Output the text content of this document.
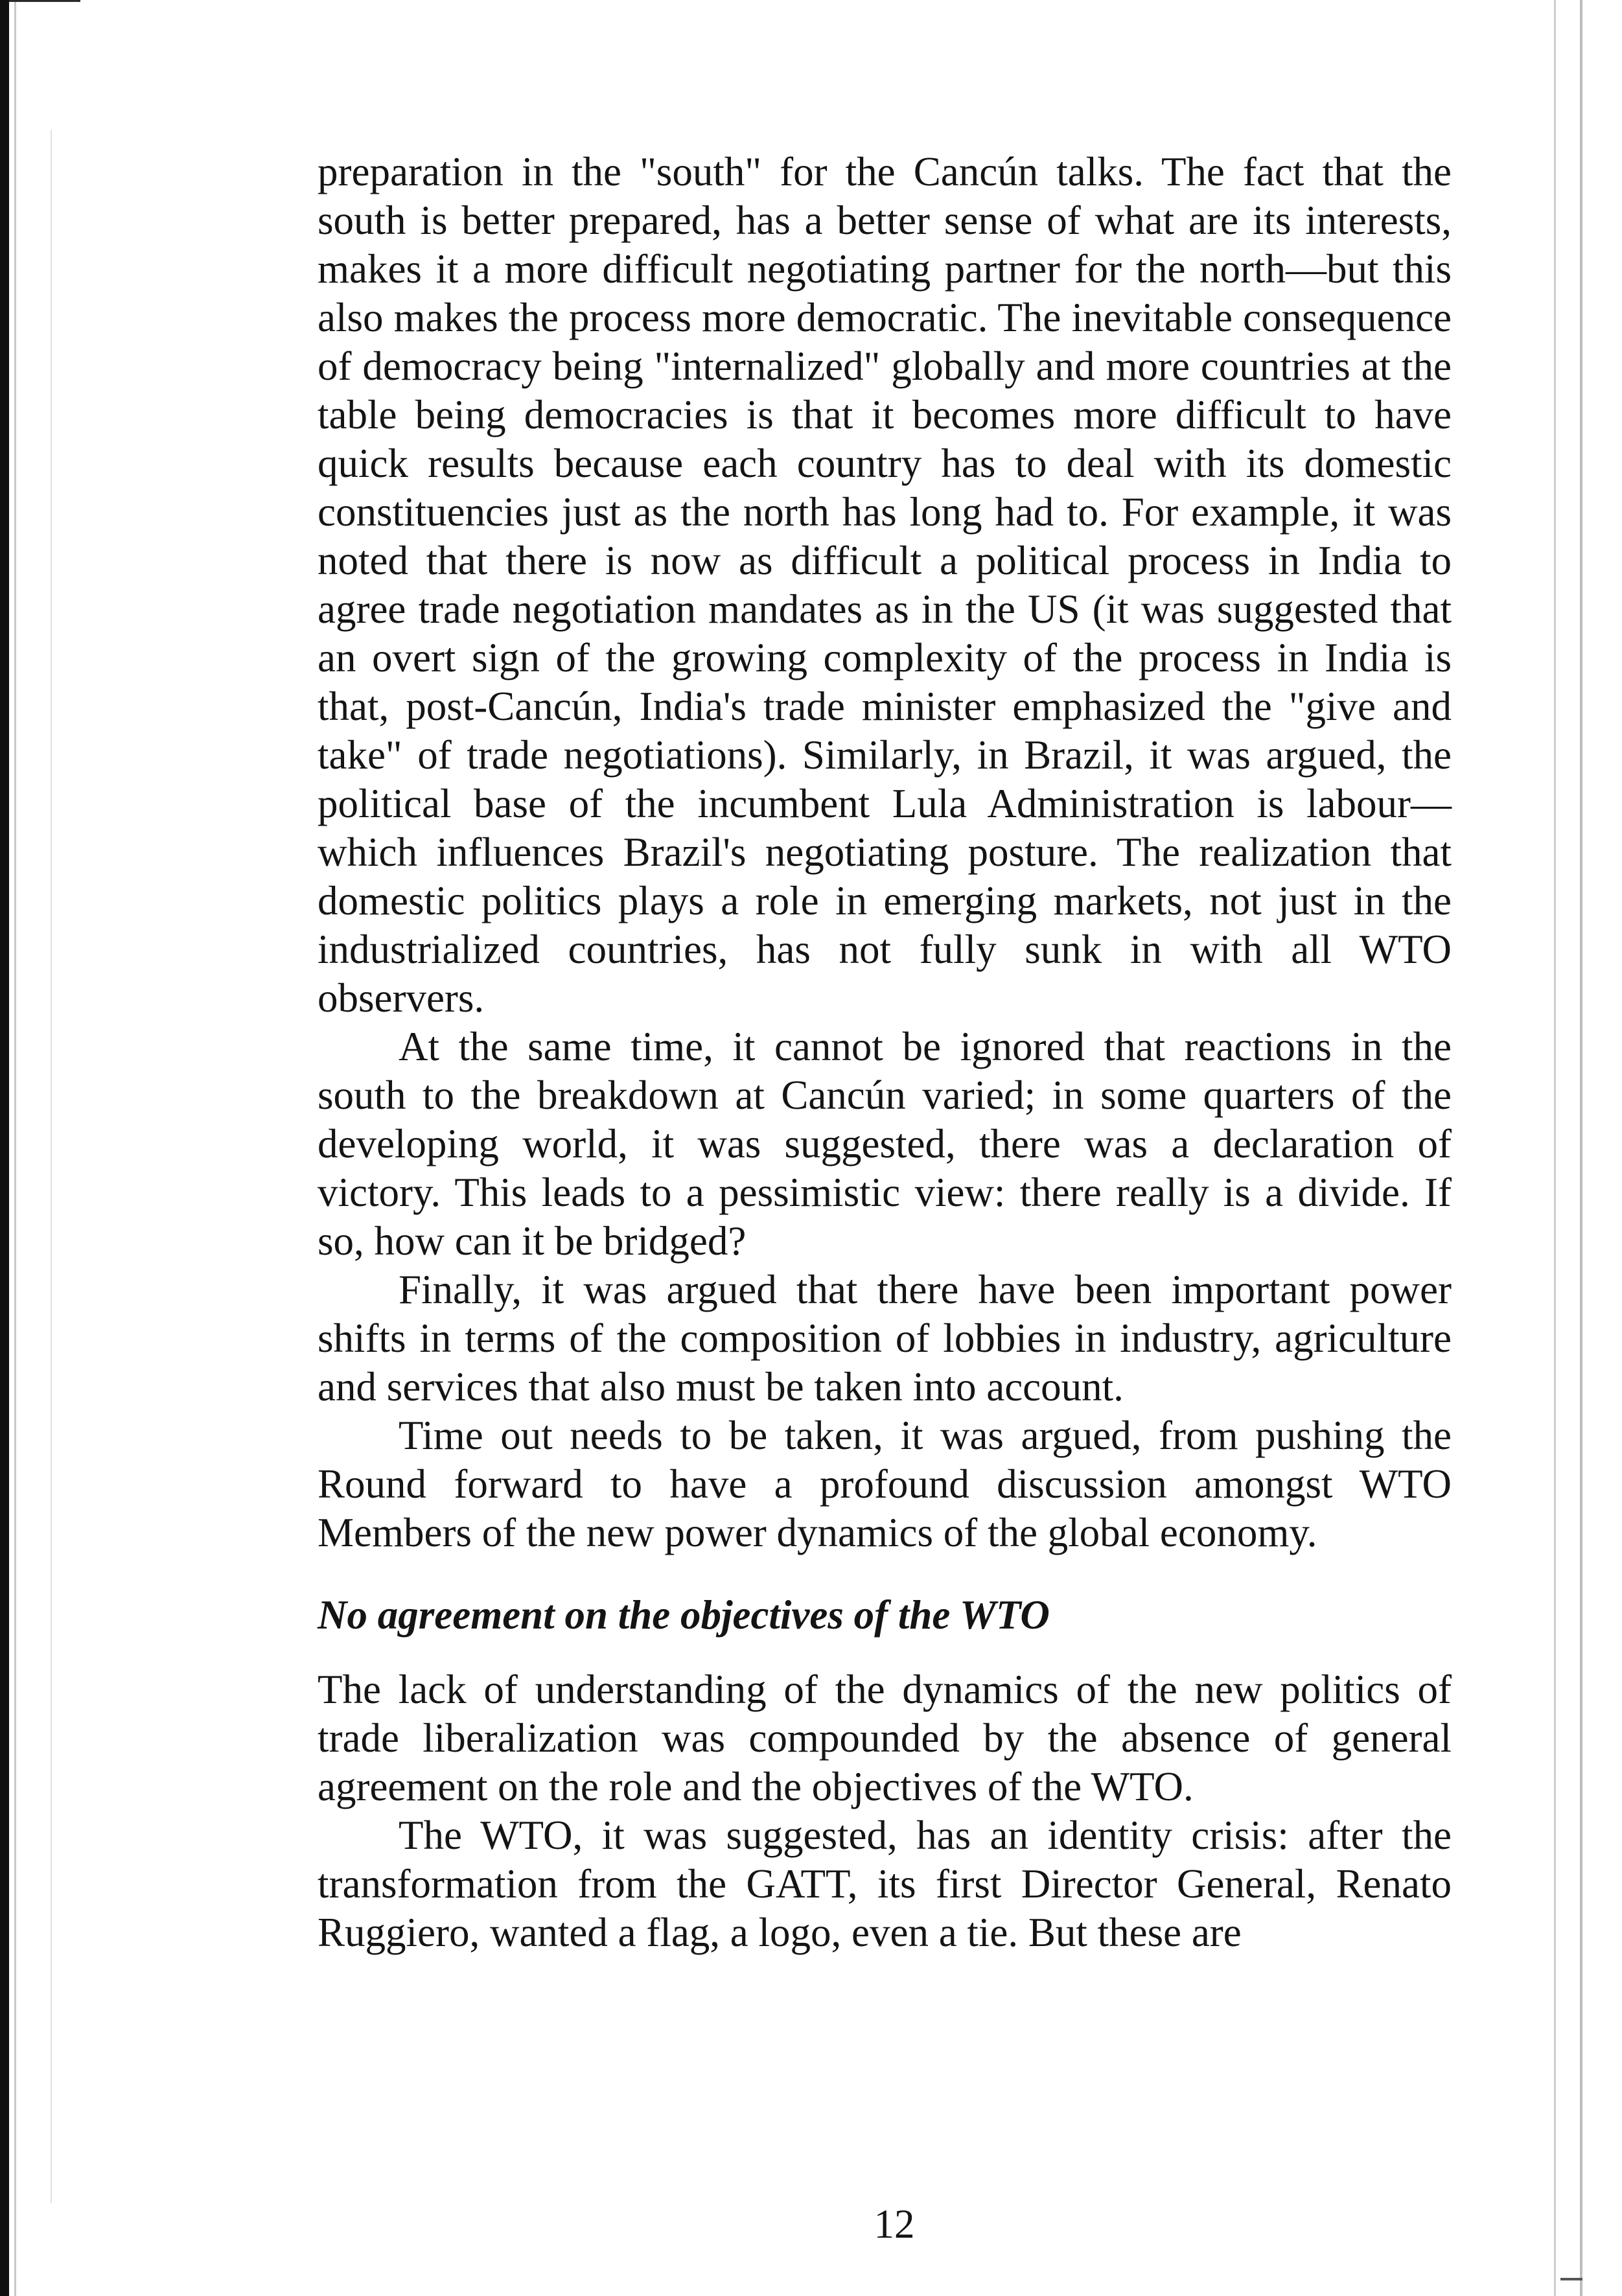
preparation in the "south" for the Cancún talks. The fact that the south is better prepared, has a better sense of what are its interests, makes it a more difficult negotiating partner for the north—but this also makes the process more democratic. The inevitable consequence of democracy being "internalized" globally and more countries at the table being democracies is that it becomes more difficult to have quick results because each country has to deal with its domestic constituencies just as the north has long had to. For example, it was noted that there is now as difficult a political process in India to agree trade negotiation mandates as in the US (it was suggested that an overt sign of the growing complexity of the process in India is that, post-Cancún, India's trade minister emphasized the "give and take" of trade negotiations). Similarly, in Brazil, it was argued, the political base of the incumbent Lula Administration is labour—which influences Brazil's negotiating posture. The realization that domestic politics plays a role in emerging markets, not just in the industrialized countries, has not fully sunk in with all WTO observers.

At the same time, it cannot be ignored that reactions in the south to the breakdown at Cancún varied; in some quarters of the developing world, it was suggested, there was a declaration of victory. This leads to a pessimistic view: there really is a divide. If so, how can it be bridged?

Finally, it was argued that there have been important power shifts in terms of the composition of lobbies in industry, agriculture and services that also must be taken into account.

Time out needs to be taken, it was argued, from pushing the Round forward to have a profound discussion amongst WTO Members of the new power dynamics of the global economy.

No agreement on the objectives of the WTO

The lack of understanding of the dynamics of the new politics of trade liberalization was compounded by the absence of general agreement on the role and the objectives of the WTO.

The WTO, it was suggested, has an identity crisis: after the transformation from the GATT, its first Director General, Renato Ruggiero, wanted a flag, a logo, even a tie. But these are

12
